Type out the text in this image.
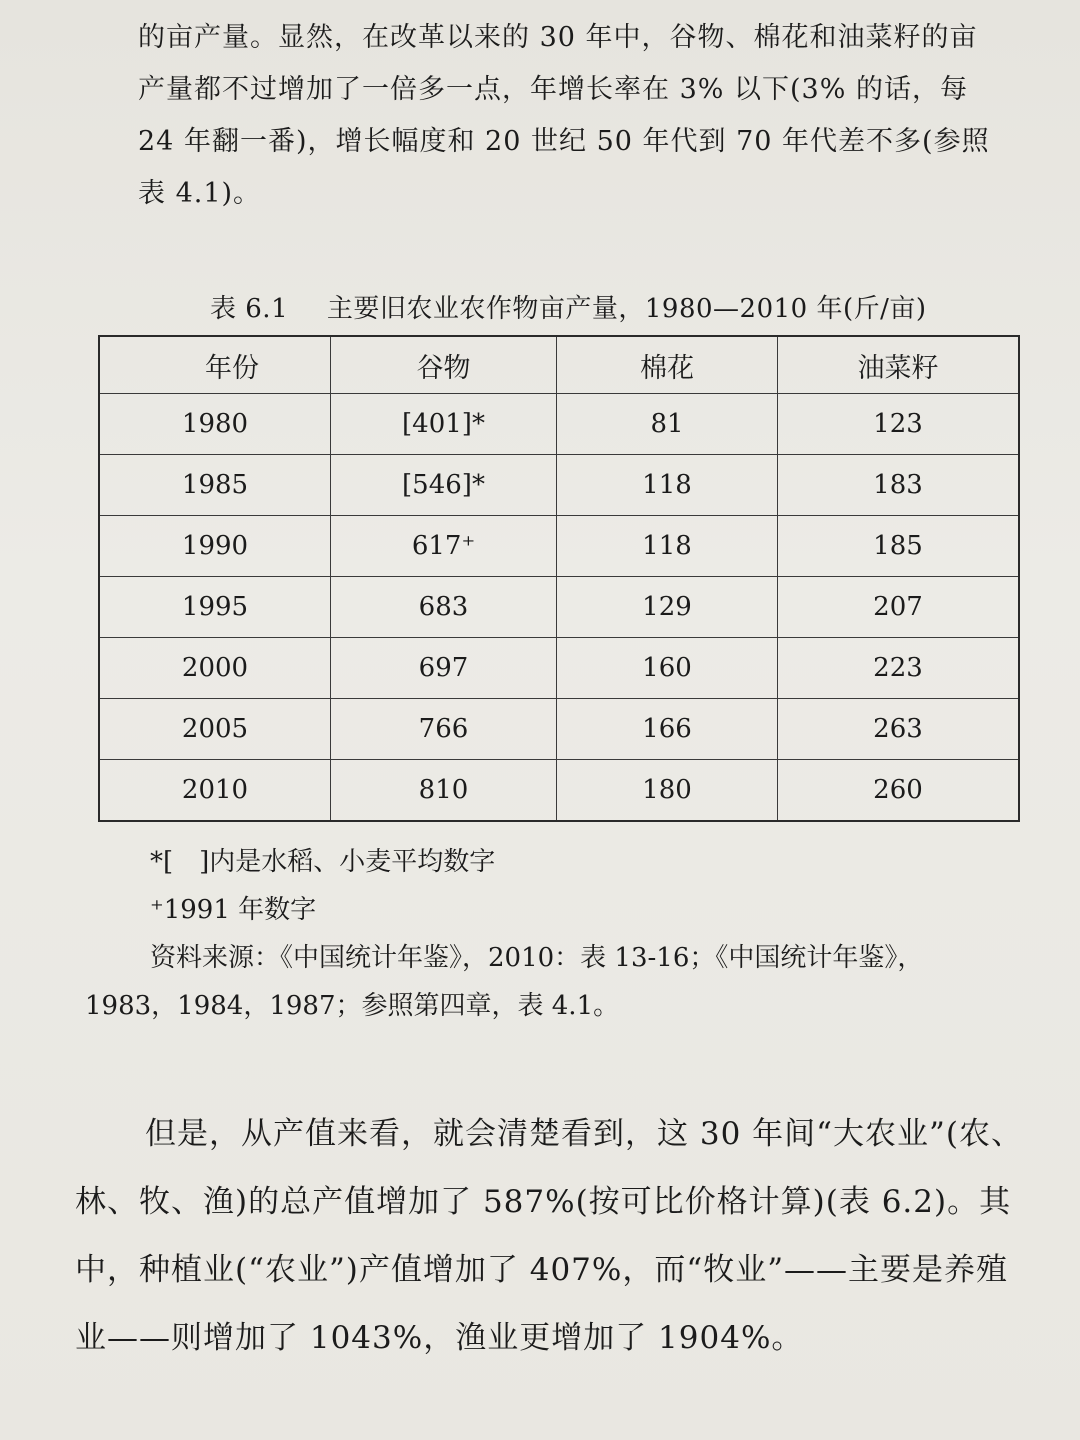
的亩产量。显然，在改革以来的 30 年中，谷物、棉花和油菜籽的亩
产量都不过增加了一倍多一点，年增长率在 3% 以下(3% 的话，每
24 年翻一番)，增长幅度和 20 世纪 50 年代到 70 年代差不多(参照
表 4.1)。
表 6.1 主要旧农业农作物亩产量，1980—2010 年(斤/亩)
年份	谷物	棉花	油菜籽
1980	[401]*	81	123
1985	[546]*	118	183
1990	617⁺	118	185
1995	683	129	207
2000	697	160	223
2005	766	166	263
2010	810	180	260
*[　]内是水稻、小麦平均数字
⁺1991 年数字
资料来源：《中国统计年鉴》，2010：表 13-16；《中国统计年鉴》，
1983，1984，1987；参照第四章，表 4.1。
但是，从产值来看，就会清楚看到，这 30 年间“大农业”(农、
林、牧、渔)的总产值增加了 587%(按可比价格计算)(表 6.2)。其
中，种植业(“农业”)产值增加了 407%，而“牧业”——主要是养殖
业——则增加了 1043%，渔业更增加了 1904%。
